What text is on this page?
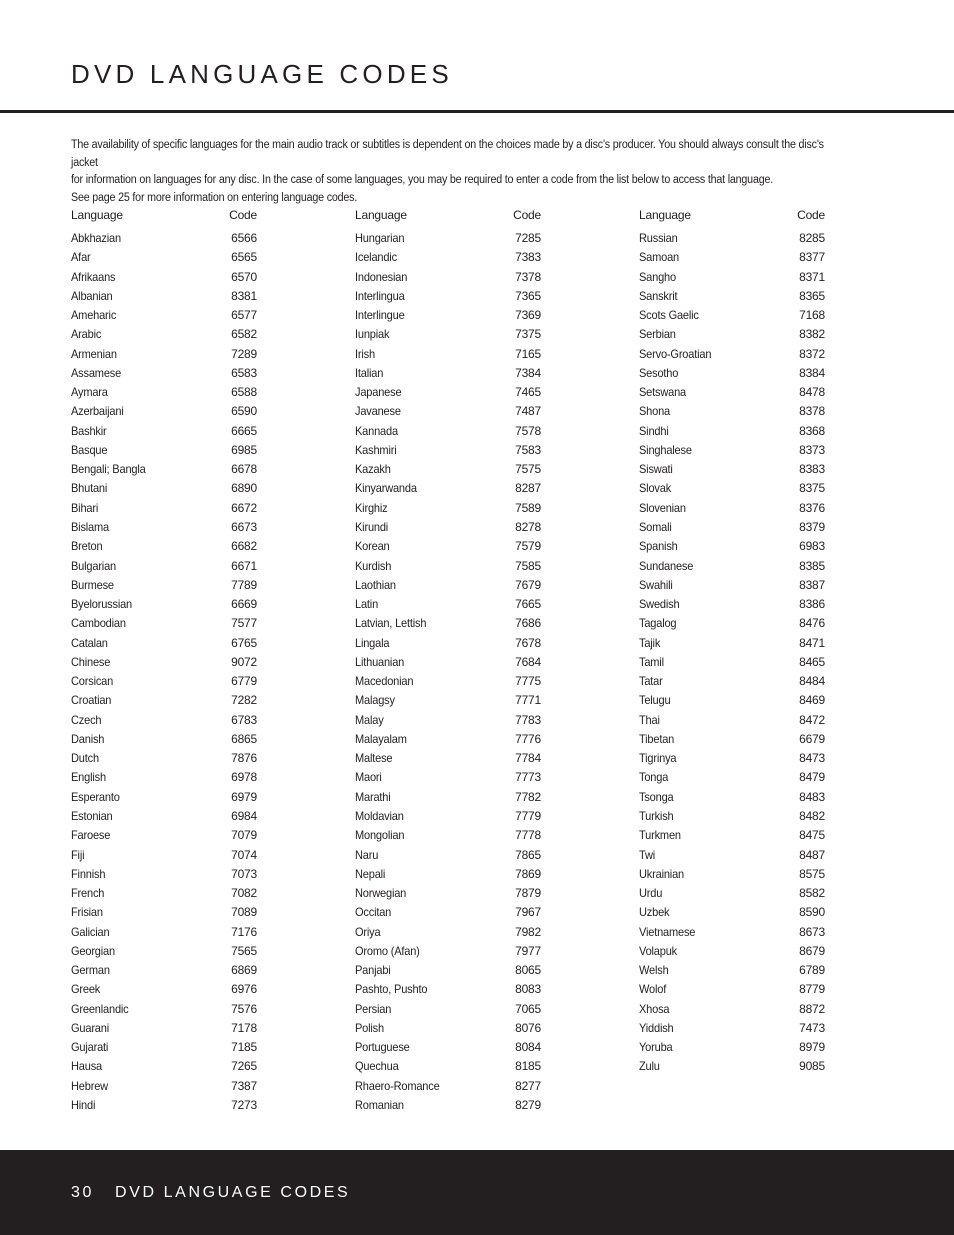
DVD LANGUAGE CODES

The availability of specific languages for the main audio track or subtitles is dependent on the choices made by a disc's producer. You should always consult the disc's jacket

for information on languages for any disc. In the case of some languages, you may be required to enter a code from the list below to access that language.

See page 25 for more information on entering language codes.

Language	Code
Abkhazian	6566
Afar	6565
Afrikaans	6570
Albanian	8381
Ameharic	6577
Arabic	6582
Armenian	7289
Assamese	6583
Aymara	6588
Azerbaijani	6590
Bashkir	6665
Basque	6985
Bengali; Bangla	6678
Bhutani	6890
Bihari	6672
Bislama	6673
Breton	6682
Bulgarian	6671
Burmese	7789
Byelorussian	6669
Cambodian	7577
Catalan	6765
Chinese	9072
Corsican	6779
Croatian	7282
Czech	6783
Danish	6865
Dutch	7876
English	6978
Esperanto	6979
Estonian	6984
Faroese	7079
Fiji	7074
Finnish	7073
French	7082
Frisian	7089
Galician	7176
Georgian	7565
German	6869
Greek	6976
Greenlandic	7576
Guarani	7178
Gujarati	7185
Hausa	7265
Hebrew	7387
Hindi	7273
Language	Code
Hungarian	7285
Icelandic	7383
Indonesian	7378
Interlingua	7365
Interlingue	7369
Iunpiak	7375
Irish	7165
Italian	7384
Japanese	7465
Javanese	7487
Kannada	7578
Kashmiri	7583
Kazakh	7575
Kinyarwanda	8287
Kirghiz	7589
Kirundi	8278
Korean	7579
Kurdish	7585
Laothian	7679
Latin	7665
Latvian, Lettish	7686
Lingala	7678
Lithuanian	7684
Macedonian	7775
Malagsy	7771
Malay	7783
Malayalam	7776
Maltese	7784
Maori	7773
Marathi	7782
Moldavian	7779
Mongolian	7778
Naru	7865
Nepali	7869
Norwegian	7879
Occitan	7967
Oriya	7982
Oromo (Afan)	7977
Panjabi	8065
Pashto, Pushto	8083
Persian	7065
Polish	8076
Portuguese	8084
Quechua	8185
Rhaero-Romance	8277
Romanian	8279
Language	Code
Russian	8285
Samoan	8377
Sangho	8371
Sanskrit	8365
Scots Gaelic	7168
Serbian	8382
Servo-Groatian	8372
Sesotho	8384
Setswana	8478
Shona	8378
Sindhi	8368
Singhalese	8373
Siswati	8383
Slovak	8375
Slovenian	8376
Somali	8379
Spanish	6983
Sundanese	8385
Swahili	8387
Swedish	8386
Tagalog	8476
Tajik	8471
Tamil	8465
Tatar	8484
Telugu	8469
Thai	8472
Tibetan	6679
Tigrinya	8473
Tonga	8479
Tsonga	8483
Turkish	8482
Turkmen	8475
Twi	8487
Ukrainian	8575
Urdu	8582
Uzbek	8590
Vietnamese	8673
Volapuk	8679
Welsh	6789
Wolof	8779
Xhosa	8872
Yiddish	7473
Yoruba	8979
Zulu	9085
30 DVD LANGUAGE CODES
